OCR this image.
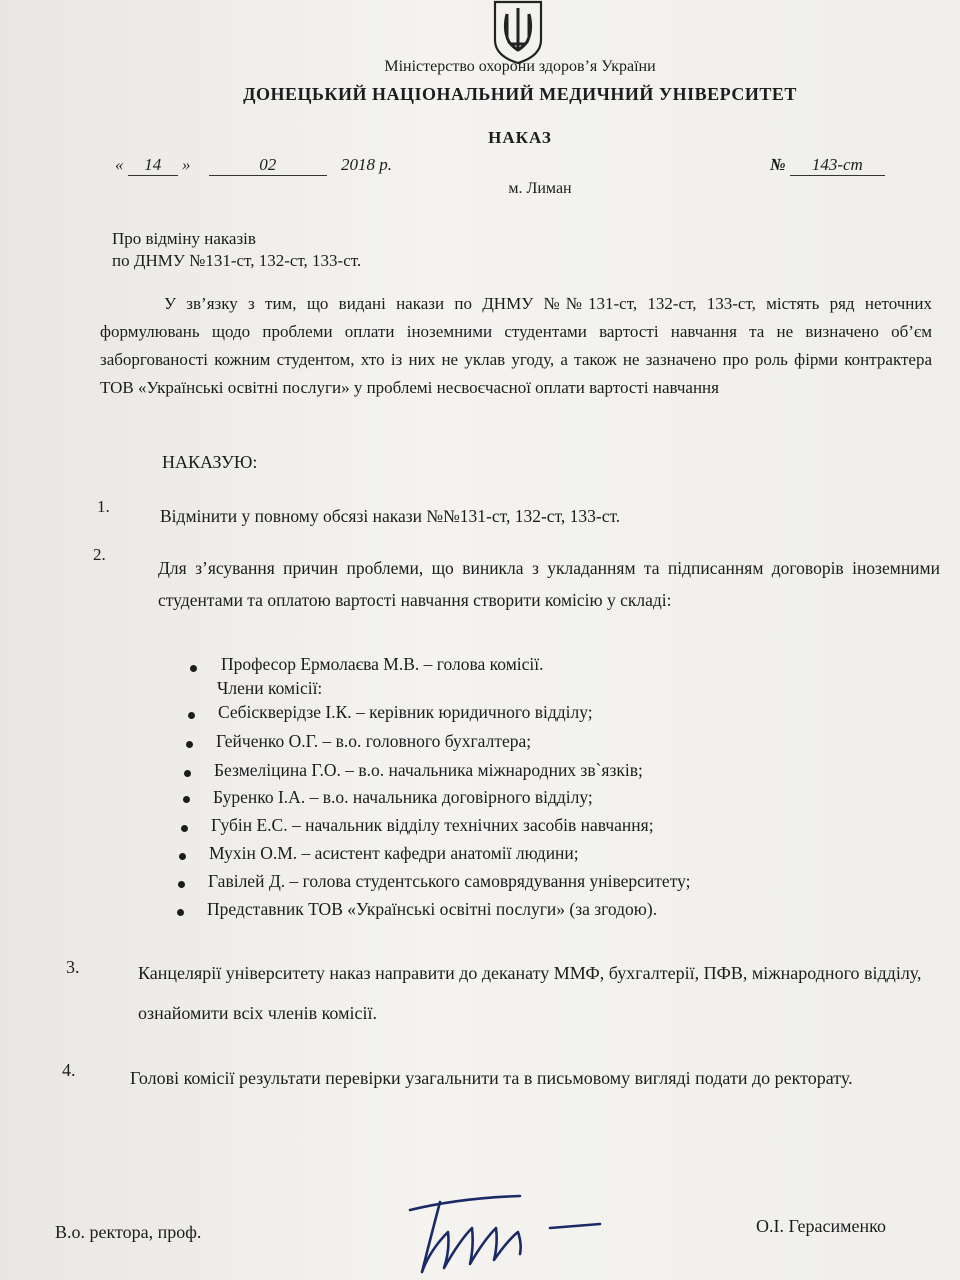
Міністерство охорони здоров’я України
ДОНЕЦЬКИЙ НАЦІОНАЛЬНИЙ МЕДИЧНИЙ УНІВЕРСИТЕТ
НАКАЗ
« 14 »	02	2018 р.	№ 143-ст
м. Лиман
Про відміну наказів
по ДНМУ №131-ст, 132-ст, 133-ст.
У зв’язку з тим, що видані накази по ДНМУ №№131-ст, 132-ст, 133-ст, містять ряд неточних формулювань щодо проблеми оплати іноземними студентами вартості навчання та не визначено об’єм заборгованості кожним студентом, хто із них не уклав угоду, а також не зазначено про роль фірми контрактера ТОВ «Українські освітні послуги» у проблемі несвоєчасної оплати вартості навчання
НАКАЗУЮ:
1.	Відмінити у повному обсязі накази №№131-ст, 132-ст, 133-ст.
2.
Для з’ясування причин проблеми, що виникла з укладанням та підписанням договорів іноземними студентами та оплатою вартості навчання створити комісію у складі:
Професор Ермолаєва М.В. – голова комісії.
Члени комісії:
Себіскверідзе І.К. – керівник юридичного відділу;
Гейченко О.Г. – в.о. головного бухгалтера;
Безмеліцина Г.О. – в.о. начальника міжнародних зв`язків;
Буренко І.А. – в.о. начальника договірного відділу;
Губін Е.С. – начальник відділу технічних засобів навчання;
Мухін О.М. – асистент кафедри анатомії людини;
Гавілей Д. – голова студентського самоврядування університету;
Представник ТОВ «Українські освітні послуги» (за згодою).
3.	Канцелярії університету наказ направити до деканату ММФ, бухгалтерії, ПФВ, міжнародного відділу, ознайомити всіх членів комісії.
4.	Голові комісії результати перевірки узагальнити та в письмовому вигляді подати до ректорату.
В.о. ректора, проф.	О.І. Герасименко
